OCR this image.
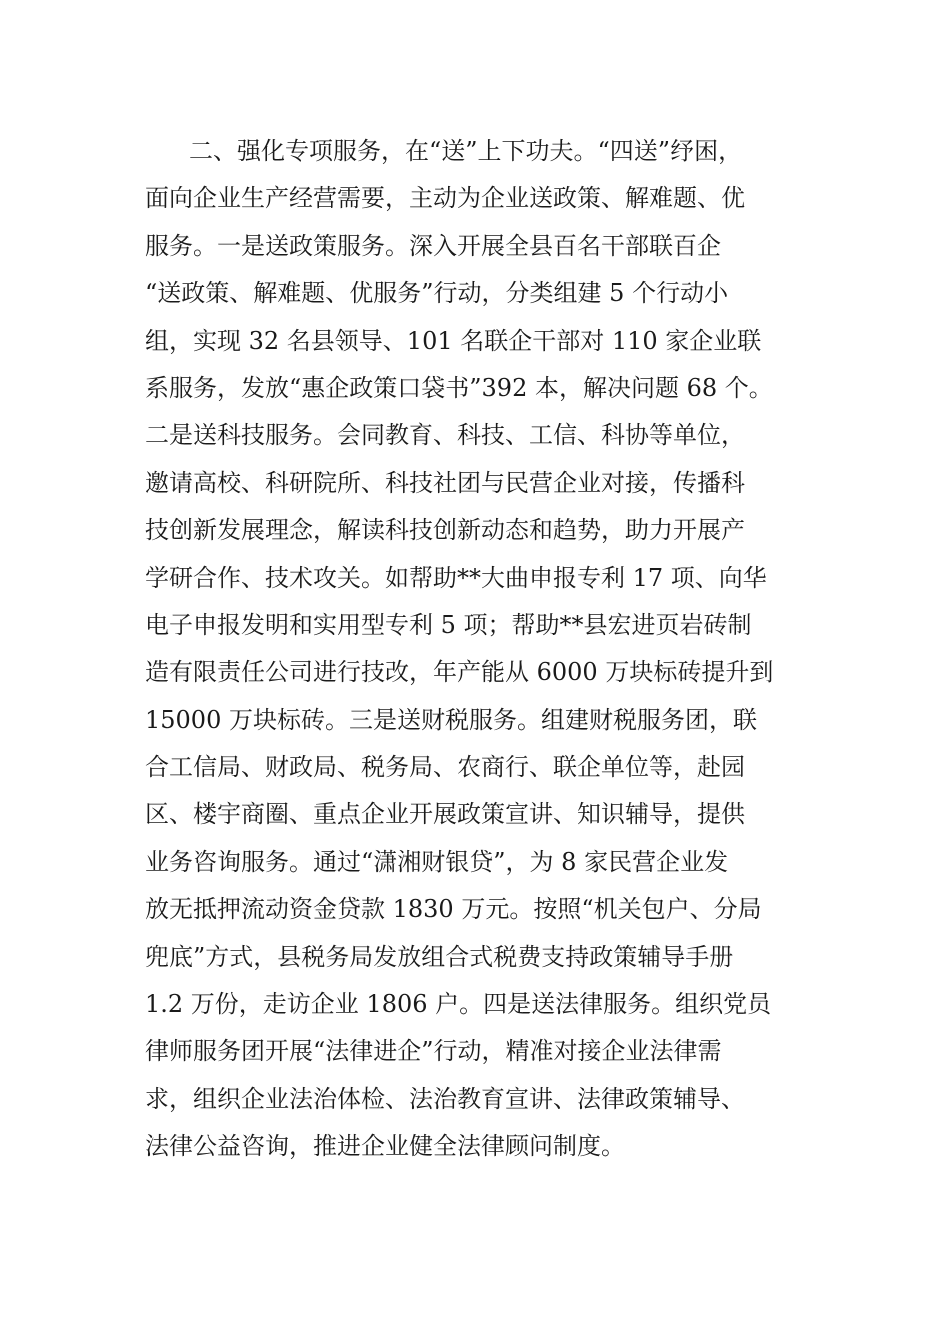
二、强化专项服务，在“送”上下功夫。“四送”纾困，
面向企业生产经营需要，主动为企业送政策、解难题、优
服务。一是送政策服务。深入开展全县百名干部联百企
“送政策、解难题、优服务”行动，分类组建 5 个行动小
组，实现 32 名县领导、101 名联企干部对 110 家企业联
系服务，发放“惠企政策口袋书”392 本，解决问题 68 个。
二是送科技服务。会同教育、科技、工信、科协等单位，
邀请高校、科研院所、科技社团与民营企业对接，传播科
技创新发展理念，解读科技创新动态和趋势，助力开展产
学研合作、技术攻关。如帮助**大曲申报专利 17 项、向华
电子申报发明和实用型专利 5 项；帮助**县宏进页岩砖制
造有限责任公司进行技改，年产能从 6000 万块标砖提升到
15000 万块标砖。三是送财税服务。组建财税服务团，联
合工信局、财政局、税务局、农商行、联企单位等，赴园
区、楼宇商圈、重点企业开展政策宣讲、知识辅导，提供
业务咨询服务。通过“潇湘财银贷”，为 8 家民营企业发
放无抵押流动资金贷款 1830 万元。按照“机关包户、分局
兜底”方式，县税务局发放组合式税费支持政策辅导手册
1.2 万份，走访企业 1806 户。四是送法律服务。组织党员
律师服务团开展“法律进企”行动，精准对接企业法律需
求，组织企业法治体检、法治教育宣讲、法律政策辅导、
法律公益咨询，推进企业健全法律顾问制度。
